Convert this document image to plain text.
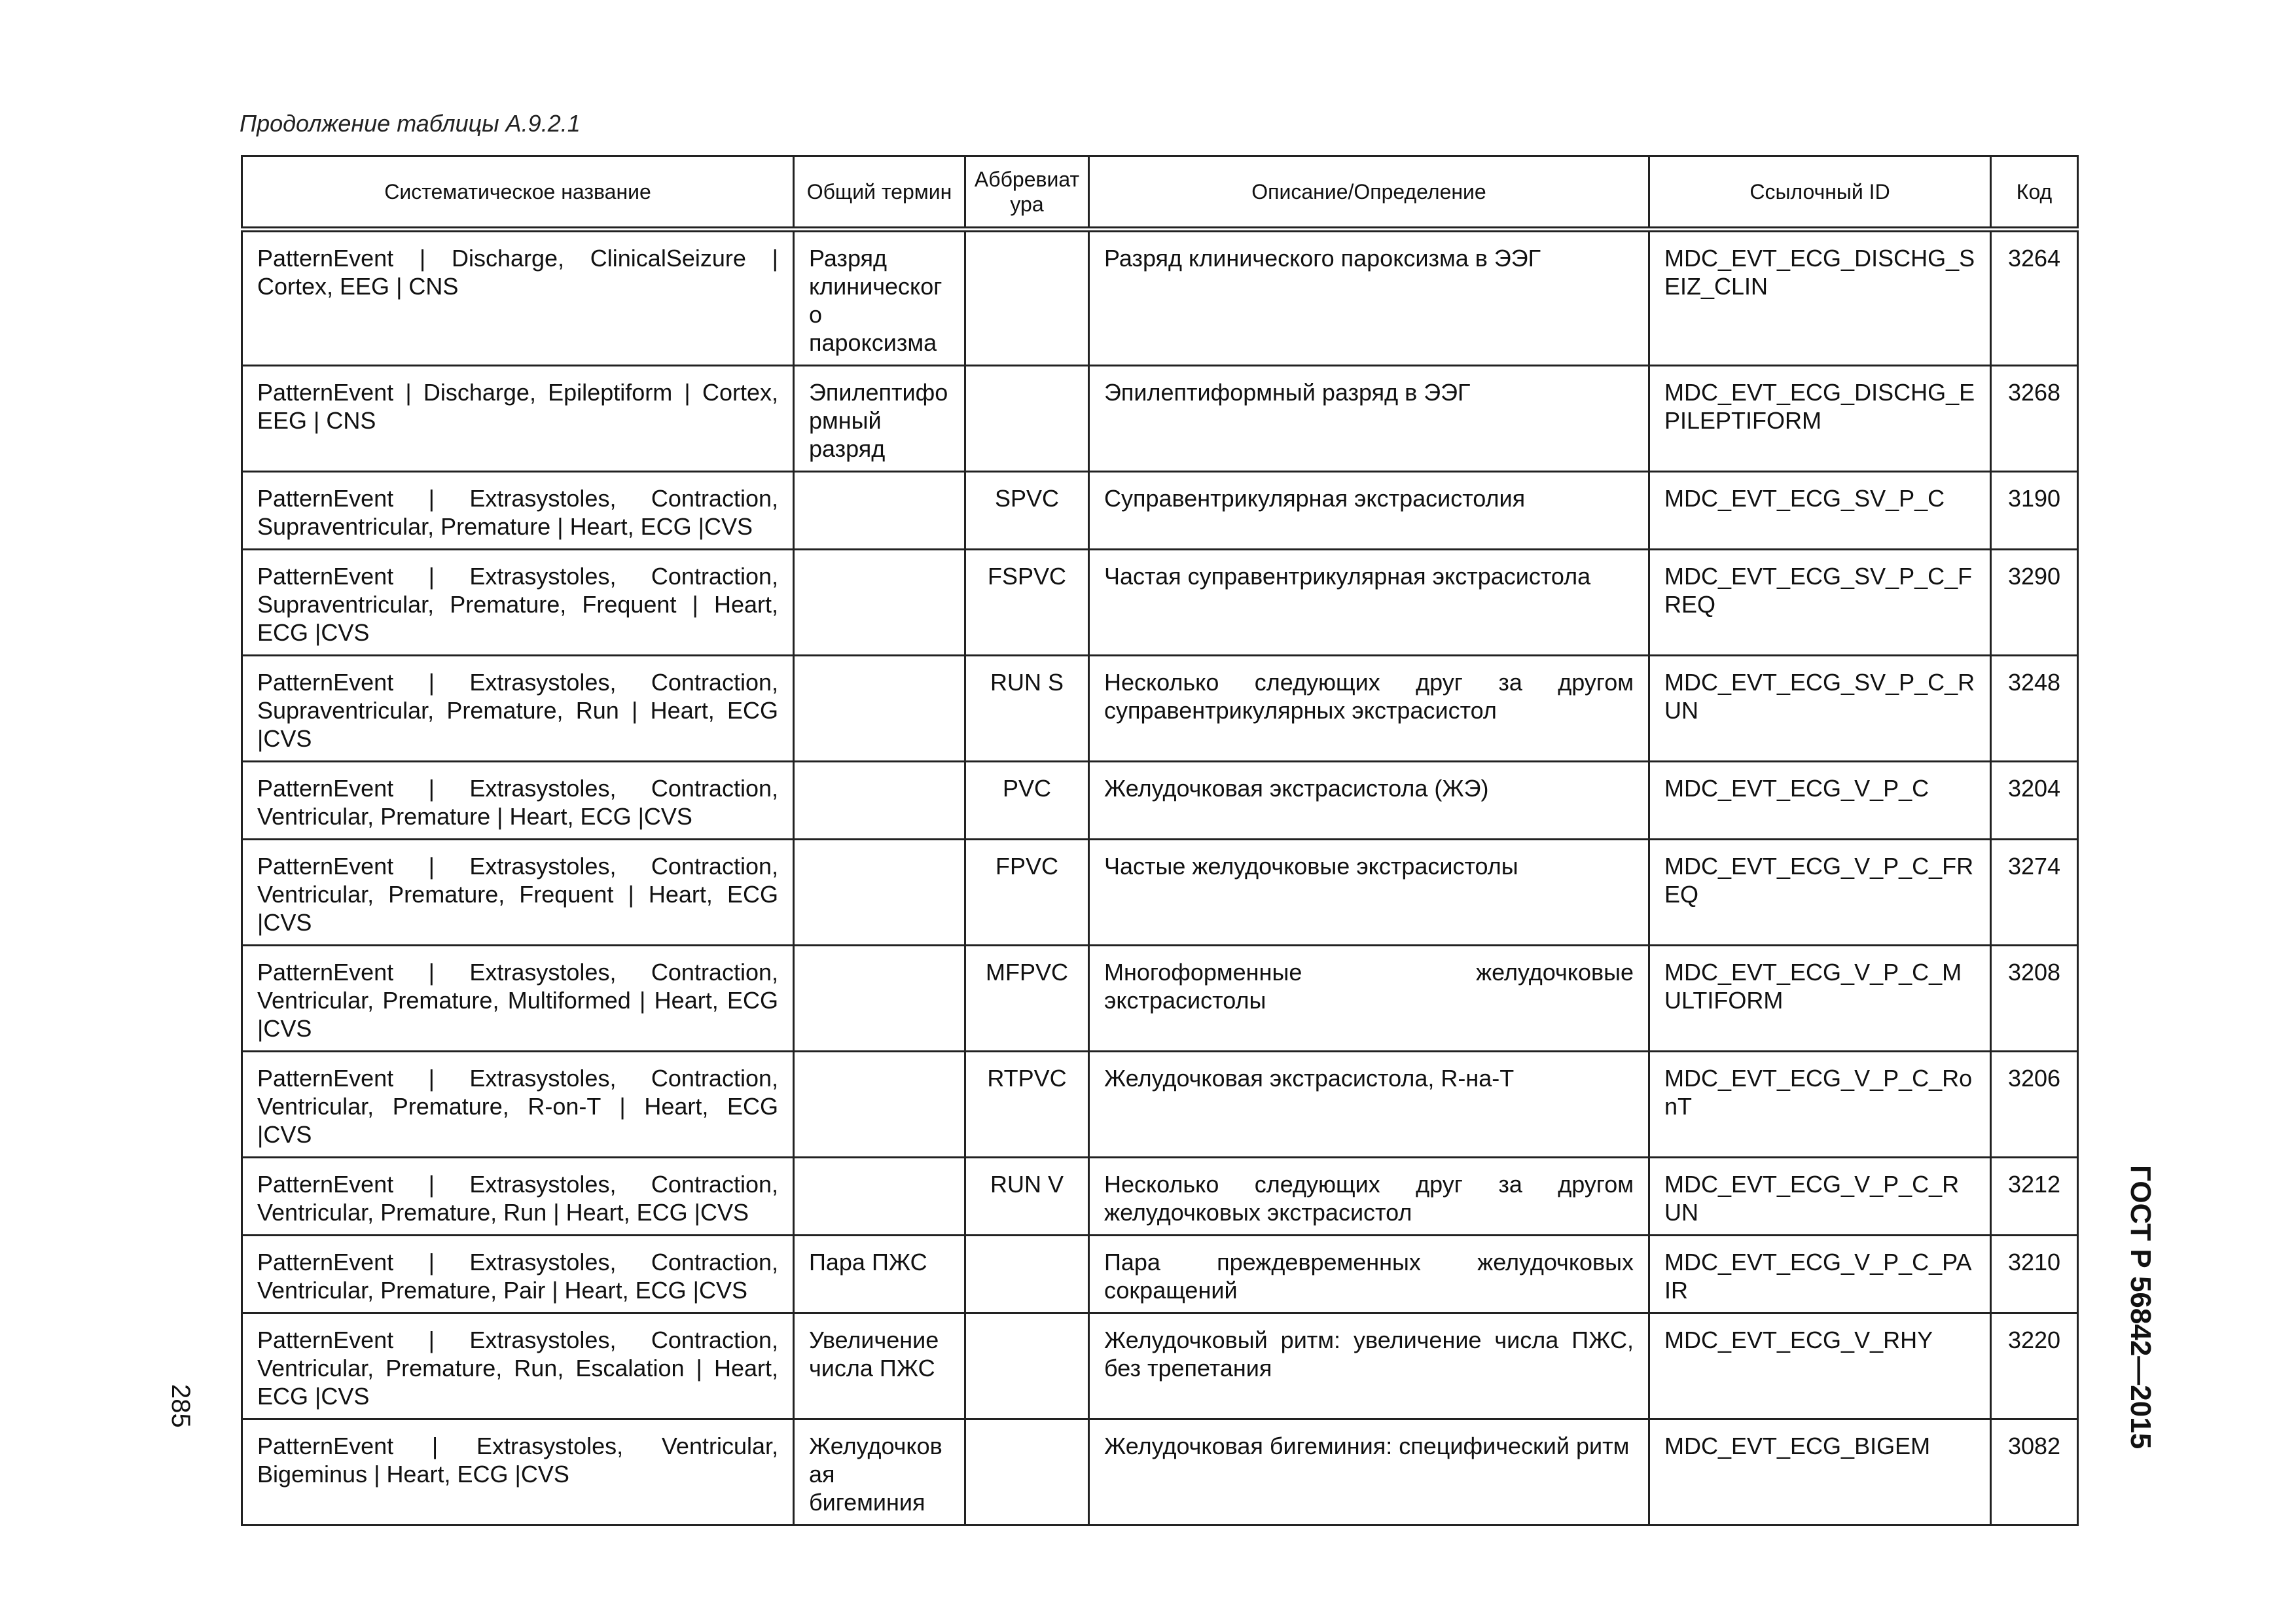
Продолжение таблицы А.9.2.1
Систематическое название	Общий термин	Аббревиатура	Описание/Определение	Ссылочный ID	Код
PatternEvent | Discharge, ClinicalSeizure | Cortex, EEG | CNS	Разряд клинического пароксизма		Разряд клинического пароксизма в ЭЭГ	MDC_EVT_ECG_DISCHG_SEIZ_CLIN	3264
PatternEvent | Discharge, Epileptiform | Cortex, EEG | CNS	Эпилептиформный разряд		Эпилептиформный разряд в ЭЭГ	MDC_EVT_ECG_DISCHG_EPILEPTIFORM	3268
PatternEvent | Extrasystoles, Contraction, Supraventricular, Premature | Heart, ECG |CVS		SPVC	Суправентрикулярная экстрасистолия	MDC_EVT_ECG_SV_P_C	3190
PatternEvent | Extrasystoles, Contraction, Supraventricular, Premature, Frequent | Heart, ECG |CVS		FSPVC	Частая суправентрикулярная экстрасистола	MDC_EVT_ECG_SV_P_C_FREQ	3290
PatternEvent | Extrasystoles, Contraction, Supraventricular, Premature, Run | Heart, ECG |CVS		RUN S	Несколько следующих друг за другом суправентрикулярных экстрасистол	MDC_EVT_ECG_SV_P_C_RUN	3248
PatternEvent | Extrasystoles, Contraction, Ventricular, Premature | Heart, ECG |CVS		PVC	Желудочковая экстрасистола (ЖЭ)	MDC_EVT_ECG_V_P_C	3204
PatternEvent | Extrasystoles, Contraction, Ventricular, Premature, Frequent | Heart, ECG |CVS		FPVC	Частые желудочковые экстрасистолы	MDC_EVT_ECG_V_P_C_FREQ	3274
PatternEvent | Extrasystoles, Contraction, Ventricular, Premature, Multiformed | Heart, ECG |CVS		MFPVC	Многоформенные желудочковые экстрасистолы	MDC_EVT_ECG_V_P_C_MULTIFORM	3208
PatternEvent | Extrasystoles, Contraction, Ventricular, Premature, R-on-T | Heart, ECG |CVS		RTPVC	Желудочковая экстрасистола, R-на-Т	MDC_EVT_ECG_V_P_C_RonT	3206
PatternEvent | Extrasystoles, Contraction, Ventricular, Premature, Run | Heart, ECG |CVS		RUN V	Несколько следующих друг за другом желудочковых экстрасистол	MDC_EVT_ECG_V_P_C_RUN	3212
PatternEvent | Extrasystoles, Contraction, Ventricular, Premature, Pair | Heart, ECG |CVS	Пара ПЖС		Пара преждевременных желудочковых сокращений	MDC_EVT_ECG_V_P_C_PAIR	3210
PatternEvent | Extrasystoles, Contraction, Ventricular, Premature, Run, Escalation | Heart, ECG |CVS	Увеличение числа ПЖС		Желудочковый ритм: увеличение числа ПЖС, без трепетания	MDC_EVT_ECG_V_RHY	3220
PatternEvent | Extrasystoles, Ventricular, Bigeminus | Heart, ECG |CVS	Желудочковая бигеминия		Желудочковая бигеминия: специфический ритм	MDC_EVT_ECG_BIGEM	3082
285	ГОСТ Р 56842—2015
